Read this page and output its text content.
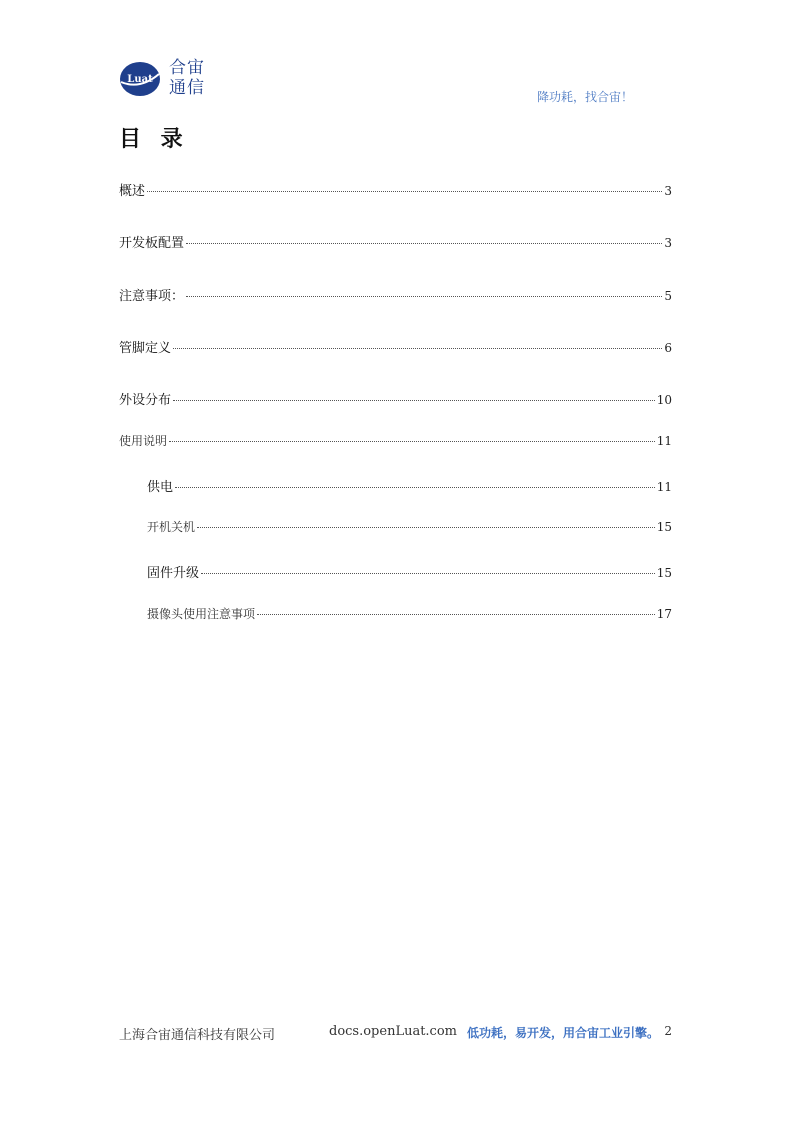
Luat
合宙
通信	降功耗，找合宙！
目 录
概述	3
开发板配置	3
注意事项：	5
管脚定义	6
外设分布	10
使用说明	11
供电	11
开机关机	15
固件升级	15
摄像头使用注意事项	17
上海合宙通信科技有限公司	docs.openLuat.com 低功耗，易开发，用合宙工业引擎。 2
